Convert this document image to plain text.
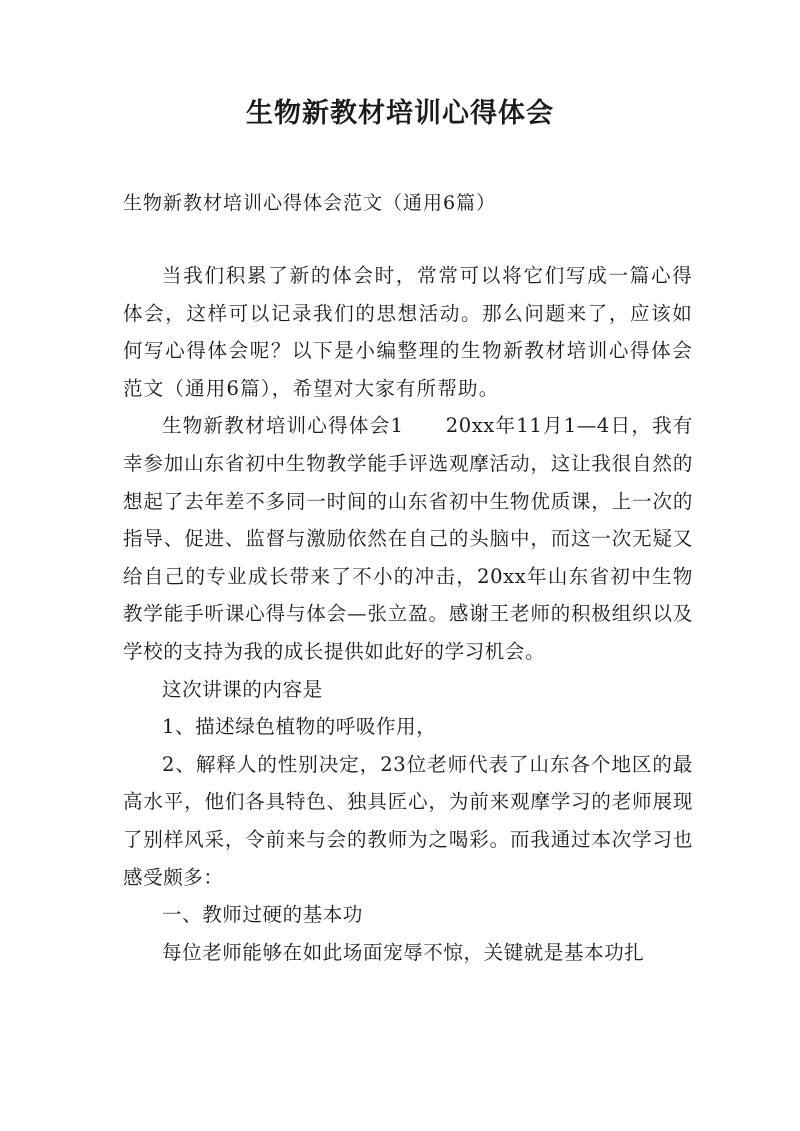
生物新教材培训心得体会
生物新教材培训心得体会范文（通用6篇）

当我们积累了新的体会时，常常可以将它们写成一篇心得体会，这样可以记录我们的思想活动。那么问题来了，应该如何写心得体会呢？以下是小编整理的生物新教材培训心得体会范文（通用6篇），希望对大家有所帮助。

生物新教材培训心得体会1　　20xx年11月1—4日，我有幸参加山东省初中生物教学能手评选观摩活动，这让我很自然的想起了去年差不多同一时间的山东省初中生物优质课，上一次的指导、促进、监督与激励依然在自己的头脑中，而这一次无疑又给自己的专业成长带来了不小的冲击，20xx年山东省初中生物教学能手听课心得与体会—张立盈。感谢王老师的积极组织以及学校的支持为我的成长提供如此好的学习机会。

这次讲课的内容是

1、描述绿色植物的呼吸作用，

2、解释人的性别决定，23位老师代表了山东各个地区的最高水平，他们各具特色、独具匠心，为前来观摩学习的老师展现了别样风采，令前来与会的教师为之喝彩。而我通过本次学习也感受颇多：

一、教师过硬的基本功

每位老师能够在如此场面宠辱不惊，关键就是基本功扎
